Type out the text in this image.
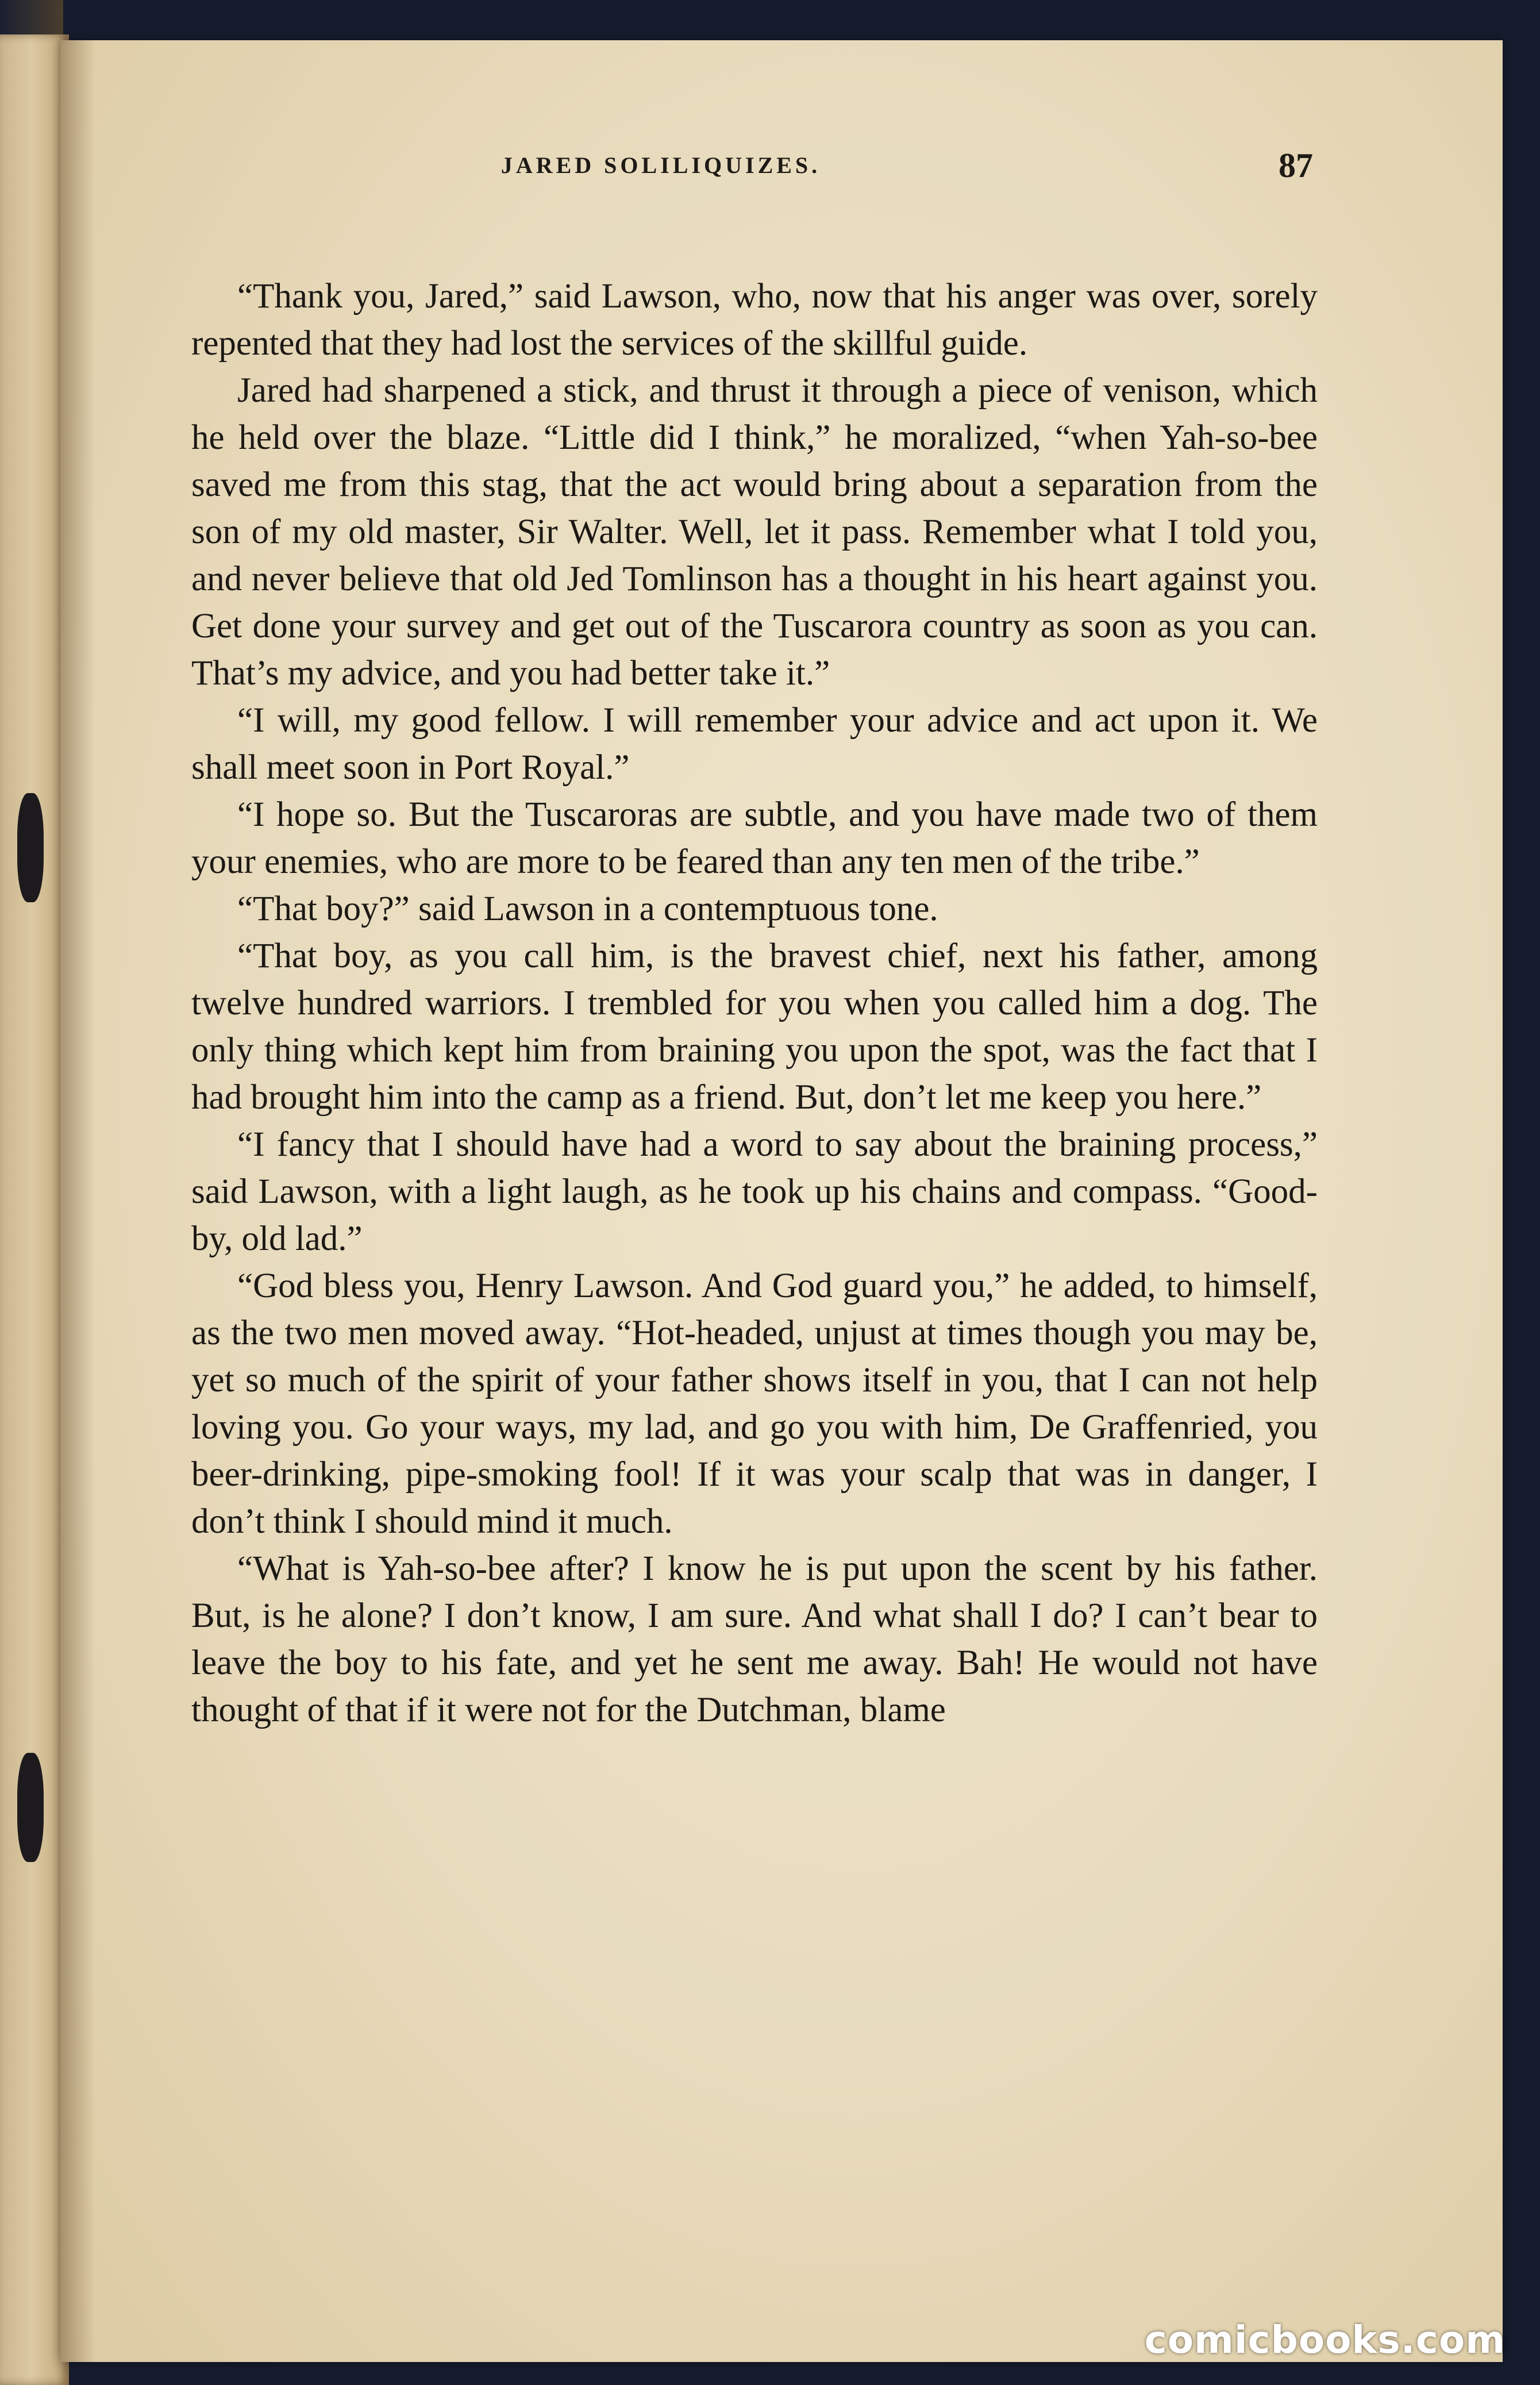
JARED SOLILIQUIZES.	87

“Thank you, Jared,” said Lawson, who, now that his anger was over, sorely repented that they had lost the services of the skillful guide.

Jared had sharpened a stick, and thrust it through a piece of venison, which he held over the blaze. “Little did I think,” he moralized, “when Yah-so-bee saved me from this stag, that the act would bring about a separation from the son of my old master, Sir Walter. Well, let it pass. Remember what I told you, and never believe that old Jed Tomlinson has a thought in his heart against you. Get done your survey and get out of the Tuscarora country as soon as you can. That’s my advice, and you had better take it.”

“I will, my good fellow. I will remember your advice and act upon it. We shall meet soon in Port Royal.”

“I hope so. But the Tuscaroras are subtle, and you have made two of them your enemies, who are more to be feared than any ten men of the tribe.”

“That boy?” said Lawson in a contemptuous tone.

“That boy, as you call him, is the bravest chief, next his father, among twelve hundred warriors. I trembled for you when you called him a dog. The only thing which kept him from braining you upon the spot, was the fact that I had brought him into the camp as a friend. But, don’t let me keep you here.”

“I fancy that I should have had a word to say about the braining process,” said Lawson, with a light laugh, as he took up his chains and compass. “Good-by, old lad.”

“God bless you, Henry Lawson. And God guard you,” he added, to himself, as the two men moved away. “Hot-headed, unjust at times though you may be, yet so much of the spirit of your father shows itself in you, that I can not help loving you. Go your ways, my lad, and go you with him, De Graffenried, you beer-drinking, pipe-smoking fool! If it was your scalp that was in danger, I don’t think I should mind it much.

“What is Yah-so-bee after? I know he is put upon the scent by his father. But, is he alone? I don’t know, I am sure. And what shall I do? I can’t bear to leave the boy to his fate, and yet he sent me away. Bah! He would not have thought of that if it were not for the Dutchman, blame

comicbooks.com
